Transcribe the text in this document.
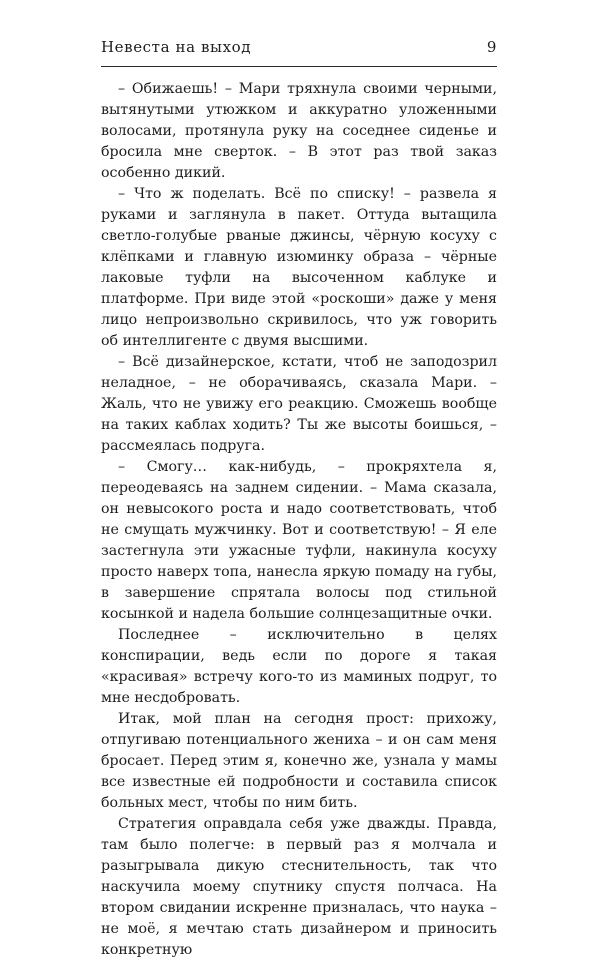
Невеста на выход	9

– Обижаешь! – Мари тряхнула своими черными, вытянутыми утюжком и аккуратно уложенными волосами, протянула руку на соседнее сиденье и бросила мне сверток. – В этот раз твой заказ особенно дикий.

– Что ж поделать. Всё по списку! – развела я руками и заглянула в пакет. Оттуда вытащила светло-голубые рваные джинсы, чёрную косуху с клёпками и главную изюминку образа – чёрные лаковые туфли на высоченном каблуке и платформе. При виде этой «роскоши» даже у меня лицо непроизвольно скривилось, что уж говорить об интеллигенте с двумя высшими.

– Всё дизайнерское, кстати, чтоб не заподозрил неладное, – не оборачиваясь, сказала Мари. – Жаль, что не увижу его реакцию. Сможешь вообще на таких каблах ходить? Ты же высоты боишься, – рассмеялась подруга.

– Смогу… как-нибудь, – прокряхтела я, переодеваясь на заднем сидении. – Мама сказала, он невысокого роста и надо соответствовать, чтоб не смущать мужчинку. Вот и соответствую! – Я еле застегнула эти ужасные туфли, накинула косуху просто наверх топа, нанесла яркую помаду на губы, в завершение спрятала волосы под стильной косынкой и надела большие солнцезащитные очки.

Последнее – исключительно в целях конспирации, ведь если по дороге я такая «красивая» встречу кого-то из маминых подруг, то мне несдобровать.

Итак, мой план на сегодня прост: прихожу, отпугиваю потенциального жениха – и он сам меня бросает. Перед этим я, конечно же, узнала у мамы все известные ей подробности и составила список больных мест, чтобы по ним бить.

Стратегия оправдала себя уже дважды. Правда, там было полегче: в первый раз я молчала и разыгрывала дикую стеснительность, так что наскучила моему спутнику спустя полчаса. На втором свидании искренне призналась, что наука – не моё, я мечтаю стать дизайнером и приносить конкретную
